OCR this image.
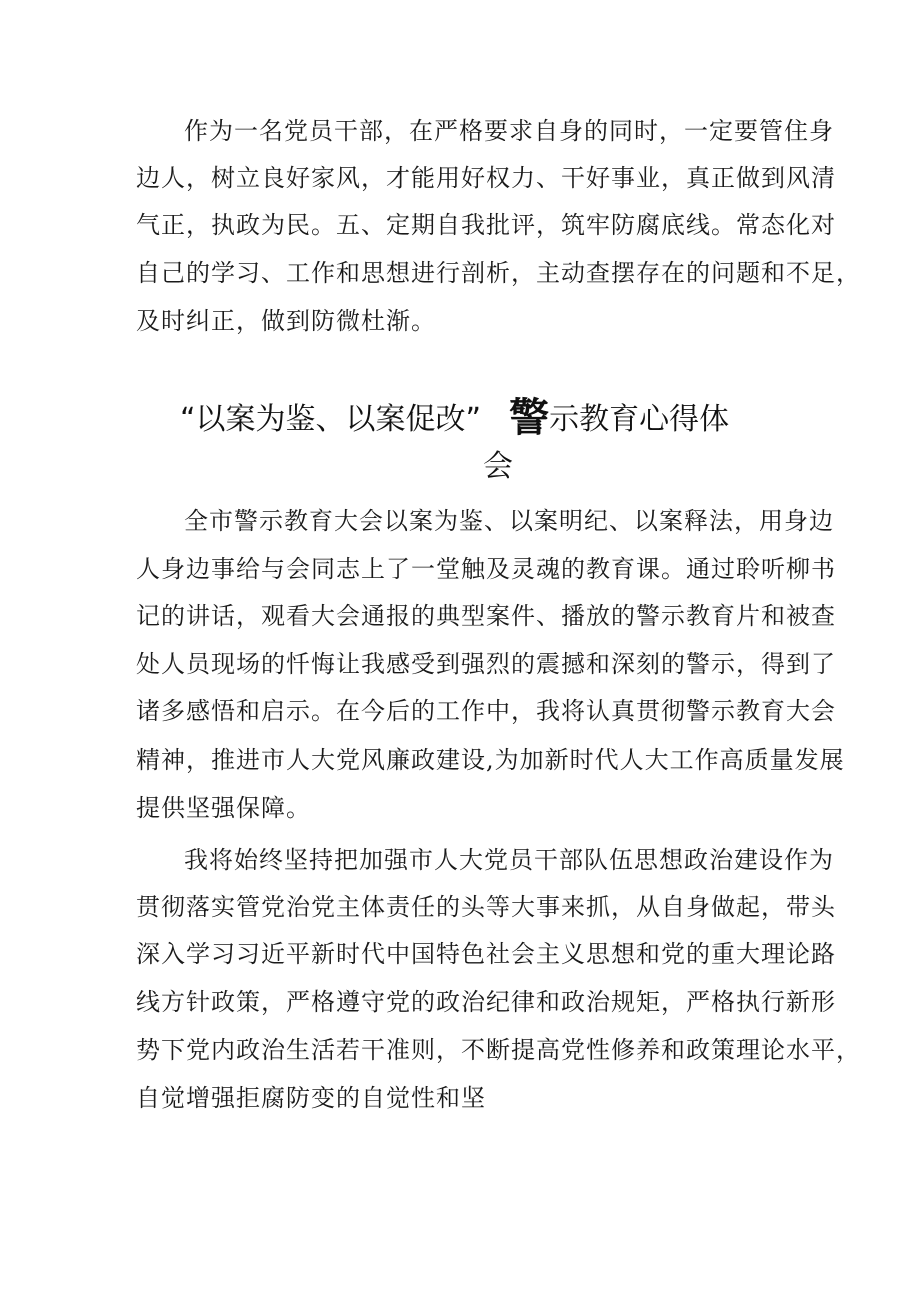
作为一名党员干部，在严格要求自身的同时，一定要管住身
边人，树立良好家风，才能用好权力、干好事业，真正做到风清
气正，执政为民。五、定期自我批评，筑牢防腐底线。常态化对
自己的学习、工作和思想进行剖析，主动查摆存在的问题和不足，
及时纠正，做到防微杜渐。
“以案为鉴、以案促改” 警示教育心得体
会
全市警示教育大会以案为鉴、以案明纪、以案释法，用身边
人身边事给与会同志上了一堂触及灵魂的教育课。通过聆听柳书
记的讲话，观看大会通报的典型案件、播放的警示教育片和被查
处人员现场的忏悔让我感受到强烈的震撼和深刻的警示，得到了
诸多感悟和启示。在今后的工作中，我将认真贯彻警示教育大会
精神，推进市人大党风廉政建设,为加新时代人大工作高质量发展
提供坚强保障。
我将始终坚持把加强市人大党员干部队伍思想政治建设作为
贯彻落实管党治党主体责任的头等大事来抓，从自身做起，带头
深入学习习近平新时代中国特色社会主义思想和党的重大理论路
线方针政策，严格遵守党的政治纪律和政治规矩，严格执行新形
势下党内政治生活若干准则，不断提高党性修养和政策理论水平，
自觉增强拒腐防变的自觉性和坚
